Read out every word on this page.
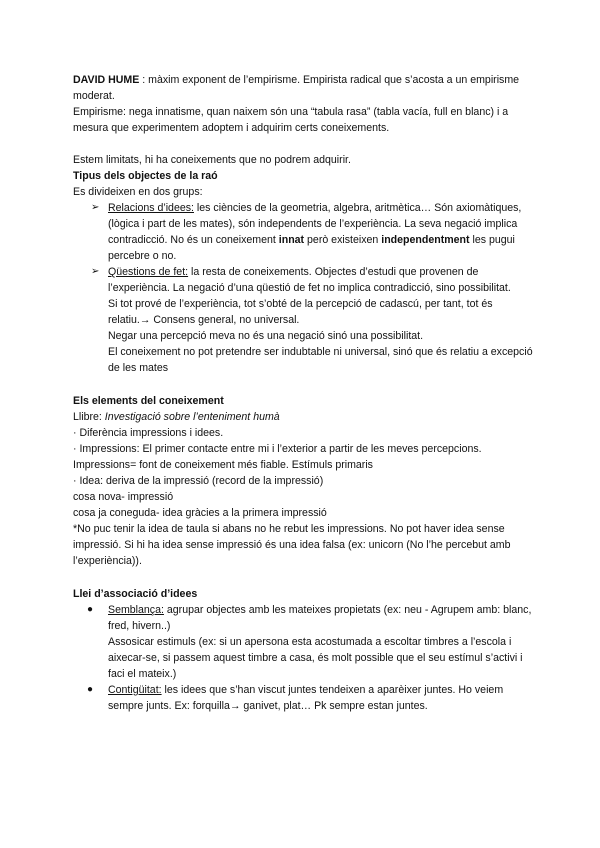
DAVID HUME : màxim exponent de l’empirisme. Empirista radical que s’acosta a un empirisme moderat.

Empirisme: nega innatisme, quan naixem són una “tabula rasa” (tabla vacía, full en blanc) i a mesura que experimentem adoptem i adquirim certs coneixements.

Estem limitats, hi ha coneixements que no podrem adquirir.

Tipus dels objectes de la raó

Es divideixen en dos grups:

➢ Relacions d’idees: les ciències de la geometria, algebra, aritmètica… Són axiomàtiques, (lògica i part de les mates), són independents de l’experiència. La seva negació implica contradicció. No és un coneixement innat però existeixen independentment les pugui percebre o no.
➢ Qüestions de fet: la resta de coneixements. Objectes d’estudi que provenen de l’experiència. La negació d’una qüestió de fet no implica contradicció, sino possibilitat.

Si tot prové de l’experiència, tot s’obté de la percepció de cadascú, per tant, tot és relatiu.→ Consens general, no universal.

Negar una percepció meva no és una negació sinó una possibilitat.

El coneixement no pot pretendre ser indubtable ni universal, sinó que és relatiu a excepció de les mates

Els elements del coneixement

Llibre: Investigació sobre l’enteniment humà

· Diferència impressions i idees.

· Impressions: El primer contacte entre mi i l’exterior a partir de les meves percepcions.

Impressions= font de coneixement més fiable. Estímuls primaris

· Idea: deriva de la impressió (record de la impressió)

cosa nova- impressió

cosa ja coneguda- idea gràcies a la primera impressió

*No puc tenir la idea de taula si abans no he rebut les impressions. No pot haver idea sense impressió. Si hi ha idea sense impressió és una idea falsa (ex: unicorn (No l’he percebut amb l’experiència)).

Llei d’associació d’idees

● Semblança: agrupar objectes amb les mateixes propietats (ex: neu - Agrupem amb: blanc, fred, hivern..)

Assosicar estimuls (ex: si un apersona esta acostumada a escoltar timbres a l’escola i aixecar-se, si passem aquest timbre a casa, és molt possible que el seu estímul s’activi i faci el mateix.)

● Contigüitat: les idees que s’han viscut juntes tendeixen a aparèixer juntes. Ho veiem sempre junts. Ex: forquilla→ ganivet, plat… Pk sempre estan juntes.
